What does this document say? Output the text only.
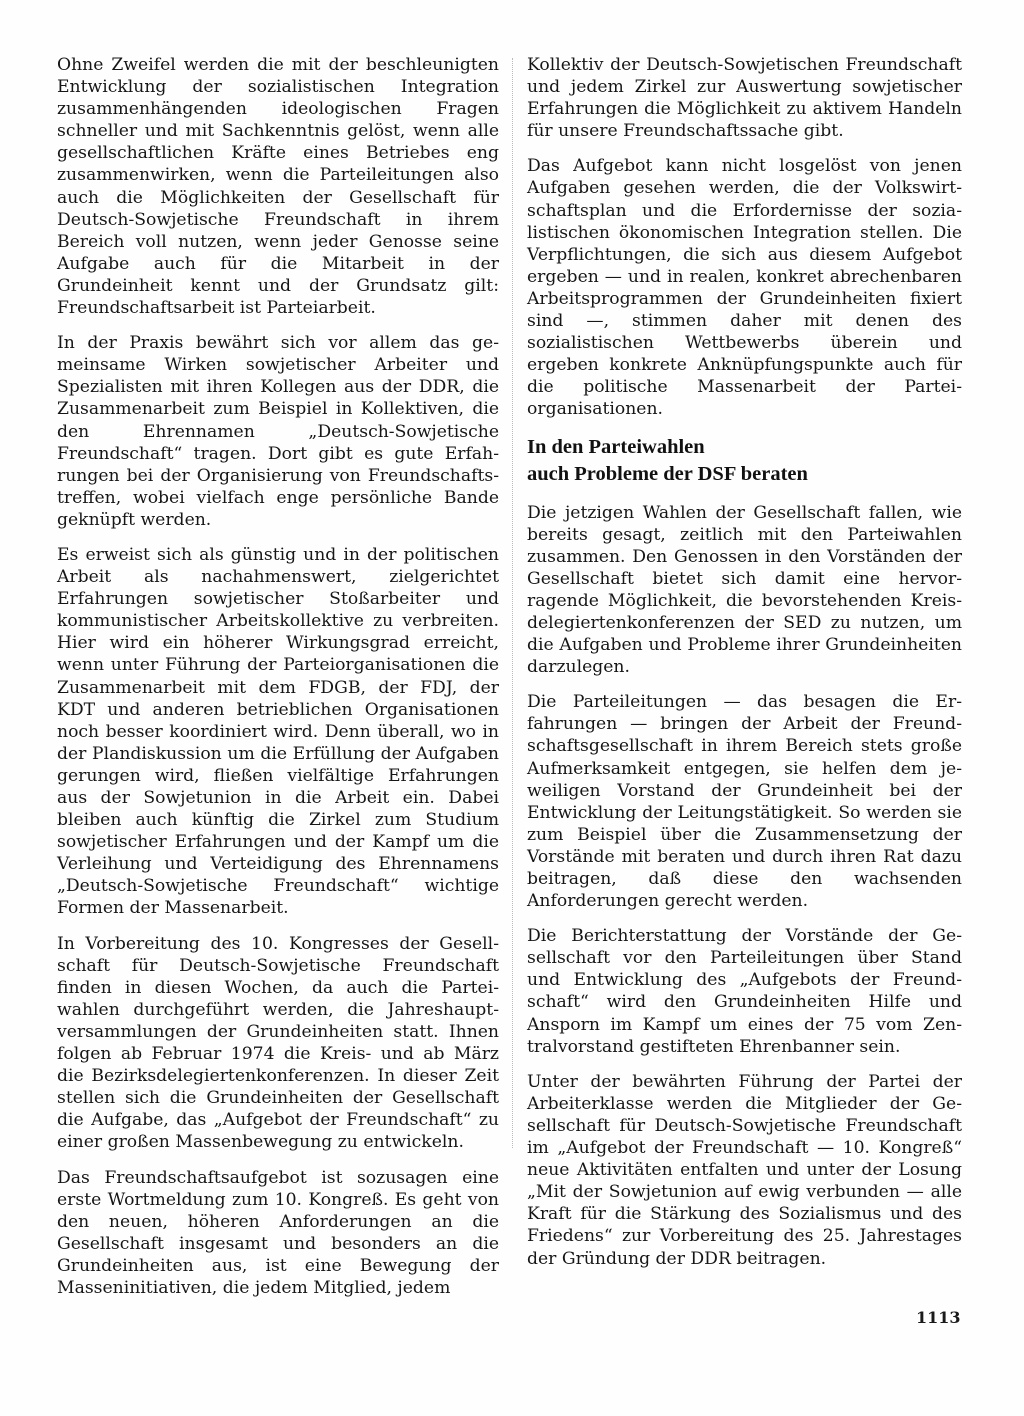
Ohne Zweifel werden die mit der beschleunigten Entwicklung der sozialistischen Integration zusammenhängenden ideologischen Fragen schneller und mit Sachkenntnis gelöst, wenn alle gesellschaftlichen Kräfte eines Betriebes eng zusammenwirken, wenn die Parteileitungen also auch die Möglichkeiten der Gesellschaft für Deutsch-Sowjetische Freundschaft in ihrem Bereich voll nutzen, wenn jeder Genosse seine Aufgabe auch für die Mitarbeit in der Grundeinheit kennt und der Grundsatz gilt: Freundschaftsarbeit ist Parteiarbeit.

In der Praxis bewährt sich vor allem das gemeinsame Wirken sowjetischer Arbeiter und Spezialisten mit ihren Kollegen aus der DDR, die Zusammenarbeit zum Beispiel in Kollektiven, die den Ehrennamen „Deutsch-Sowjetische Freundschaft“ tragen. Dort gibt es gute Erfahrungen bei der Organisierung von Freundschaftstreffen, wobei vielfach enge persönliche Bande geknüpft werden.

Es erweist sich als günstig und in der politischen Arbeit als nachahmenswert, zielgerichtet Erfahrungen sowjetischer Stoßarbeiter und kommunistischer Arbeitskollektive zu verbreiten. Hier wird ein höherer Wirkungsgrad erreicht, wenn unter Führung der Parteiorganisationen die Zusammenarbeit mit dem FDGB, der FDJ, der KDT und anderen betrieblichen Organisationen noch besser koordiniert wird. Denn überall, wo in der Plandiskussion um die Erfüllung der Aufgaben gerungen wird, fließen vielfältige Erfahrungen aus der Sowjetunion in die Arbeit ein. Dabei bleiben auch künftig die Zirkel zum Studium sowjetischer Erfahrungen und der Kampf um die Verleihung und Verteidigung des Ehrennamens „Deutsch-Sowjetische Freundschaft“ wichtige Formen der Massenarbeit.

In Vorbereitung des 10. Kongresses der Gesellschaft für Deutsch-Sowjetische Freundschaft finden in diesen Wochen, da auch die Parteiwahlen durchgeführt werden, die Jahreshauptversammlungen der Grundeinheiten statt. Ihnen folgen ab Februar 1974 die Kreis- und ab März die Bezirksdelegiertenkonferenzen. In dieser Zeit stellen sich die Grundeinheiten der Gesellschaft die Aufgabe, das „Aufgebot der Freundschaft“ zu einer großen Massenbewegung zu entwickeln.

Das Freundschaftsaufgebot ist sozusagen eine erste Wortmeldung zum 10. Kongreß. Es geht von den neuen, höheren Anforderungen an die Gesellschaft insgesamt und besonders an die Grundeinheiten aus, ist eine Bewegung der Masseninitiativen, die jedem Mitglied, jedem

Kollektiv der Deutsch-Sowjetischen Freundschaft und jedem Zirkel zur Auswertung sowjetischer Erfahrungen die Möglichkeit zu aktivem Handeln für unsere Freundschaftssache gibt.

Das Aufgebot kann nicht losgelöst von jenen Aufgaben gesehen werden, die der Volkswirtschaftsplan und die Erfordernisse der sozialistischen ökonomischen Integration stellen. Die Verpflichtungen, die sich aus diesem Aufgebot ergeben — und in realen, konkret abrechenbaren Arbeitsprogrammen der Grundeinheiten fixiert sind —, stimmen daher mit denen des sozialistischen Wettbewerbs überein und ergeben konkrete Anknüpfungspunkte auch für die politische Massenarbeit der Parteiorganisationen.

In den Parteiwahlen
auch Probleme der DSF beraten

Die jetzigen Wahlen der Gesellschaft fallen, wie bereits gesagt, zeitlich mit den Parteiwahlen zusammen. Den Genossen in den Vorständen der Gesellschaft bietet sich damit eine hervorragende Möglichkeit, die bevorstehenden Kreisdelegiertenkonferenzen der SED zu nutzen, um die Aufgaben und Probleme ihrer Grundeinheiten darzulegen.

Die Parteileitungen — das besagen die Erfahrungen — bringen der Arbeit der Freundschaftsgesellschaft in ihrem Bereich stets große Aufmerksamkeit entgegen, sie helfen dem jeweiligen Vorstand der Grundeinheit bei der Entwicklung der Leitungstätigkeit. So werden sie zum Beispiel über die Zusammensetzung der Vorstände mit beraten und durch ihren Rat dazu beitragen, daß diese den wachsenden Anforderungen gerecht werden.

Die Berichterstattung der Vorstände der Gesellschaft vor den Parteileitungen über Stand und Entwicklung des „Aufgebots der Freundschaft“ wird den Grundeinheiten Hilfe und Ansporn im Kampf um eines der 75 vom Zentralvorstand gestifteten Ehrenbanner sein.

Unter der bewährten Führung der Partei der Arbeiterklasse werden die Mitglieder der Gesellschaft für Deutsch-Sowjetische Freundschaft im „Aufgebot der Freundschaft — 10. Kongreß“ neue Aktivitäten entfalten und unter der Losung „Mit der Sowjetunion auf ewig verbunden — alle Kraft für die Stärkung des Sozialismus und des Friedens“ zur Vorbereitung des 25. Jahrestages der Gründung der DDR beitragen.

1113
